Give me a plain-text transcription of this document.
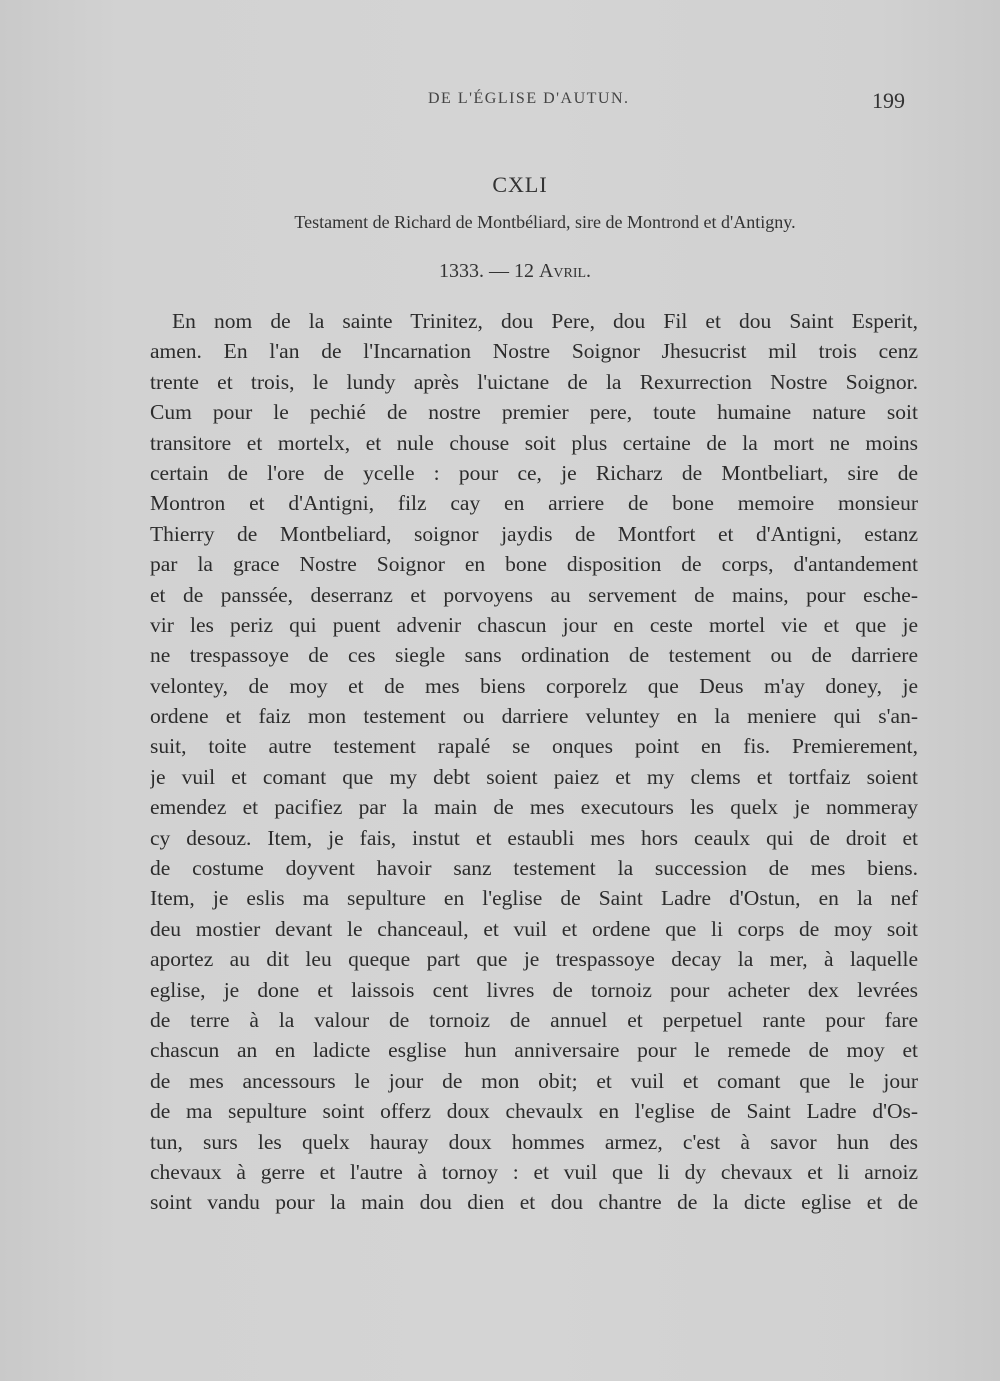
DE L'ÉGLISE D'AUTUN.	199
CXLI
Testament de Richard de Montbéliard, sire de Montrond et d'Antigny.
1333. — 12 Avril.
En nom de la sainte Trinitez, dou Pere, dou Fil et dou Saint Esperit,
amen. En l'an de l'Incarnation Nostre Soignor Jhesucrist mil trois cenz
trente et trois, le lundy après l'uictane de la Rexurrection Nostre Soignor.
Cum pour le pechié de nostre premier pere, toute humaine nature soit
transitore et mortelx, et nule chouse soit plus certaine de la mort ne moins
certain de l'ore de ycelle : pour ce, je Richarz de Montbeliart, sire de
Montron et d'Antigni, filz cay en arriere de bone memoire monsieur
Thierry de Montbeliard, soignor jaydis de Montfort et d'Antigni, estanz
par la grace Nostre Soignor en bone disposition de corps, d'antandement
et de panssée, deserranz et porvoyens au servement de mains, pour esche-
vir les periz qui puent advenir chascun jour en ceste mortel vie et que je
ne trespassoye de ces siegle sans ordination de testement ou de darriere
velontey, de moy et de mes biens corporelz que Deus m'ay doney, je
ordene et faiz mon testement ou darriere veluntey en la meniere qui s'an-
suit, toite autre testement rapalé se onques point en fis. Premierement,
je vuil et comant que my debt soient paiez et my clems et tortfaiz soient
emendez et pacifiez par la main de mes executours les quelx je nommeray
cy desouz. Item, je fais, instut et estaubli mes hors ceaulx qui de droit et
de costume doyvent havoir sanz testement la succession de mes biens.
Item, je eslis ma sepulture en l'eglise de Saint Ladre d'Ostun, en la nef
deu mostier devant le chanceaul, et vuil et ordene que li corps de moy soit
aportez au dit leu queque part que je trespassoye decay la mer, à laquelle
eglise, je done et laissois cent livres de tornoiz pour acheter dex levrées
de terre à la valour de tornoiz de annuel et perpetuel rante pour fare
chascun an en ladicte esglise hun anniversaire pour le remede de moy et
de mes ancessours le jour de mon obit; et vuil et comant que le jour
de ma sepulture soint offerz doux chevaulx en l'eglise de Saint Ladre d'Os-
tun, surs les quelx hauray doux hommes armez, c'est à savor hun des
chevaux à gerre et l'autre à tornoy : et vuil que li dy chevaux et li arnoiz
soint vandu pour la main dou dien et dou chantre de la dicte eglise et de
